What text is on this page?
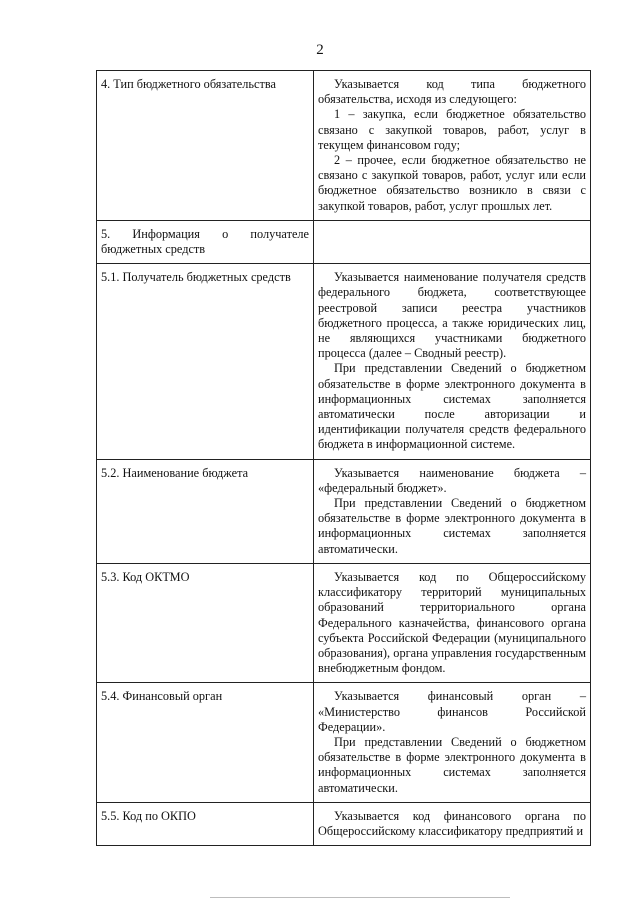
2
4. Тип бюджетного обязательства	Указывается код типа бюджетного обязательства, исходя из следующего:

1 – закупка, если бюджетное обязательство связано с закупкой товаров, работ, услуг в текущем финансовом году;

2 – прочее, если бюджетное обязательство не связано с закупкой товаров, работ, услуг или если бюджетное обязательство возникло в связи с закупкой товаров, работ, услуг прошлых лет.

5. Информация о получателе бюджетных средств	

5.1. Получатель бюджетных средств	Указывается наименование получателя средств федерального бюджета, соответствующее реестровой записи реестра участников бюджетного процесса, а также юридических лиц, не являющихся участниками бюджетного процесса (далее – Сводный реестр).

При представлении Сведений о бюджетном обязательстве в форме электронного документа в информационных системах заполняется автоматически после авторизации и идентификации получателя средств федерального бюджета в информационной системе.

5.2. Наименование бюджета	Указывается наименование бюджета – «федеральный бюджет».

При представлении Сведений о бюджетном обязательстве в форме электронного документа в информационных системах заполняется автоматически.

5.3. Код ОКТМО	Указывается код по Общероссийскому классификатору территорий муниципальных образований территориального органа Федерального казначейства, финансового органа субъекта Российской Федерации (муниципального образования), органа управления государственным внебюджетным фондом.

5.4. Финансовый орган	Указывается финансовый орган – «Министерство финансов Российской Федерации».

При представлении Сведений о бюджетном обязательстве в форме электронного документа в информационных системах заполняется автоматически.

5.5. Код по ОКПО	Указывается код финансового органа по Общероссийскому классификатору предприятий и
